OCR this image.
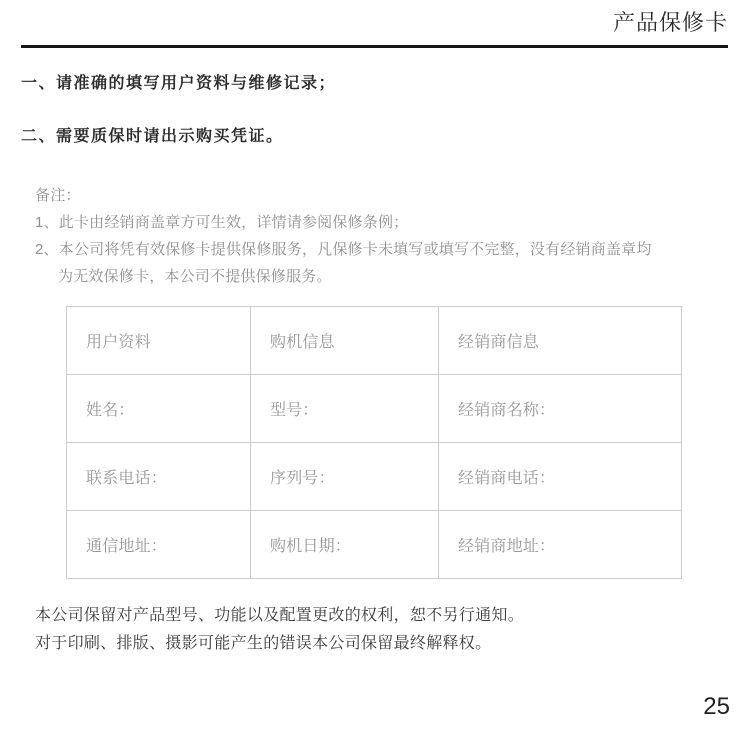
产品保修卡
一、请准确的填写用户资料与维修记录；
二、需要质保时请出示购买凭证。
备注：
1、此卡由经销商盖章方可生效，详情请参阅保修条例；
2、本公司将凭有效保修卡提供保修服务，凡保修卡未填写或填写不完整，没有经销商盖章均为无效保修卡，本公司不提供保修服务。
用户资料	购机信息	经销商信息
姓名：	型号：	经销商名称：
联系电话：	序列号：	经销商电话：
通信地址：	购机日期：	经销商地址：
本公司保留对产品型号、功能以及配置更改的权利，恕不另行通知。
对于印刷、排版、摄影可能产生的错误本公司保留最终解释权。
25
